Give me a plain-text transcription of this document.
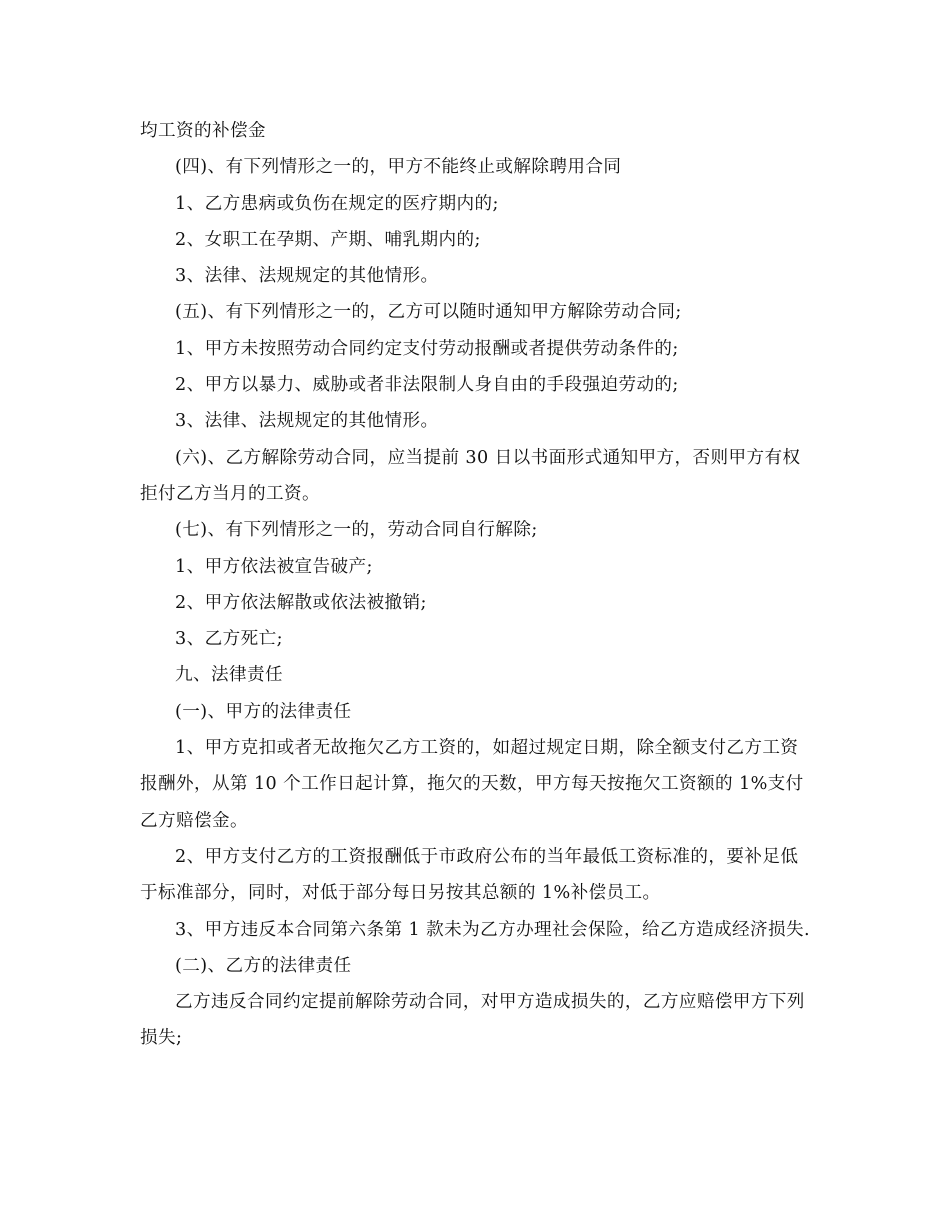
均工资的补偿金

(四)、有下列情形之一的，甲方不能终止或解除聘用合同

1、乙方患病或负伤在规定的医疗期内的;

2、女职工在孕期、产期、哺乳期内的;

3、法律、法规规定的其他情形。

(五)、有下列情形之一的，乙方可以随时通知甲方解除劳动合同;

1、甲方未按照劳动合同约定支付劳动报酬或者提供劳动条件的;

2、甲方以暴力、威胁或者非法限制人身自由的手段强迫劳动的;

3、法律、法规规定的其他情形。

(六)、乙方解除劳动合同，应当提前 30 日以书面形式通知甲方，否则甲方有权拒付乙方当月的工资。

(七)、有下列情形之一的，劳动合同自行解除;

1、甲方依法被宣告破产;

2、甲方依法解散或依法被撤销;

3、乙方死亡;

九、法律责任

(一)、甲方的法律责任

1、甲方克扣或者无故拖欠乙方工资的，如超过规定日期，除全额支付乙方工资报酬外，从第 10 个工作日起计算，拖欠的天数，甲方每天按拖欠工资额的 1%支付乙方赔偿金。

2、甲方支付乙方的工资报酬低于市政府公布的当年最低工资标准的，要补足低于标准部分，同时，对低于部分每日另按其总额的 1%补偿员工。

3、甲方违反本合同第六条第 1 款未为乙方办理社会保险，给乙方造成经济损失.

(二)、乙方的法律责任

乙方违反合同约定提前解除劳动合同，对甲方造成损失的，乙方应赔偿甲方下列损失;
